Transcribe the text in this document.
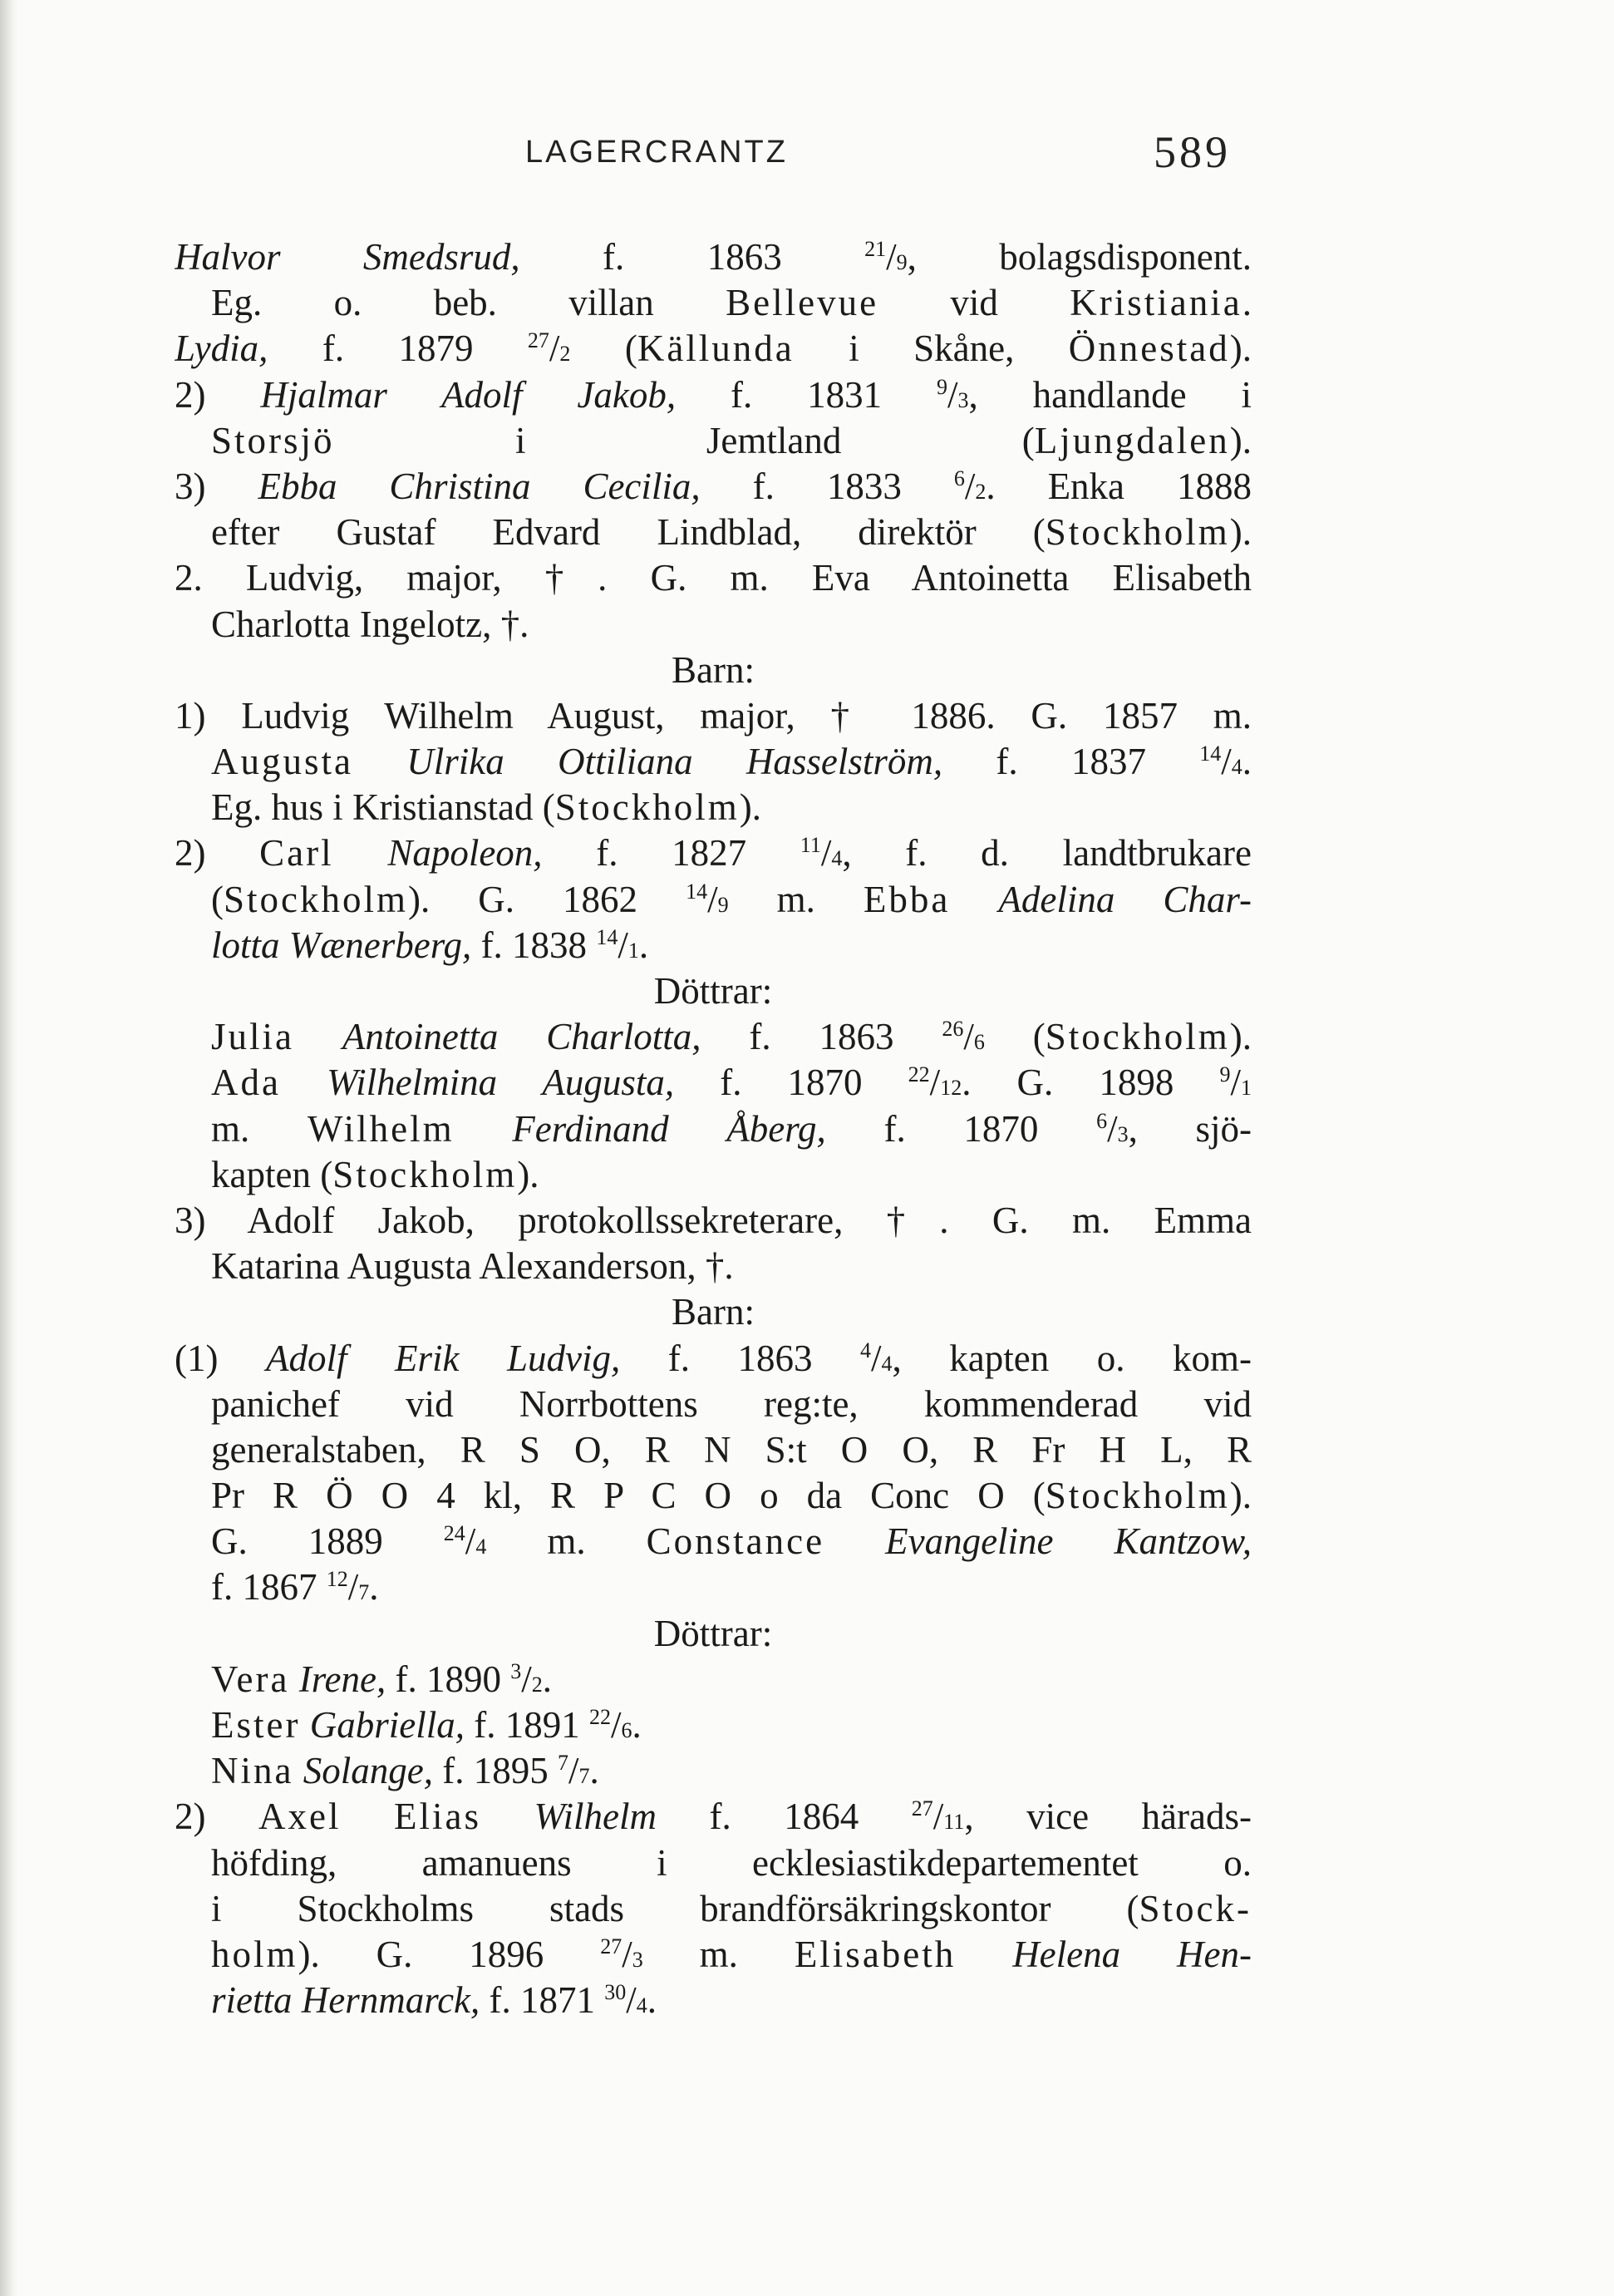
LAGERCRANTZ	589
Halvor Smedsrud, f. 1863 $^{21}$/9, bolagsdisponent.
Eg. o. beb. villan Bellevue vid Kristiania.
Lydia, f. 1879 $^{27}$/2 (Källunda i Skåne, Önnestad).
2) Hjalmar Adolf Jakob, f. 1831 $^9$/3, handlande i
Storsjö i Jemtland (Ljungdalen).
3) Ebba Christina Cecilia, f. 1833 $^6$/2. Enka 1888
efter Gustaf Edvard Lindblad, direktör (Stockholm).
2. Ludvig, major, †. G. m. Eva Antoinetta Elisabeth
Charlotta Ingelotz, †.
Barn:
1) Ludvig Wilhelm August, major, † 1886. G. 1857 m.
Augusta Ulrika Ottiliana Hasselström, f. 1837 $^{14}$/4.
Eg. hus i Kristianstad (Stockholm).
2) Carl Napoleon, f. 1827 $^{11}$/4, f. d. landtbrukare
(Stockholm). G. 1862 $^{14}$/9 m. Ebba Adelina Char-
lotta Wænerberg, f. 1838 $^{14}$/1.
Döttrar:
Julia Antoinetta Charlotta, f. 1863 $^{26}$/6 (Stockholm).
Ada Wilhelmina Augusta, f. 1870 $^{22}$/12. G. 1898 $^9$/1
m. Wilhelm Ferdinand Åberg, f. 1870 $^6$/3, sjö-
kapten (Stockholm).
3) Adolf Jakob, protokollssekreterare, †. G. m. Emma
Katarina Augusta Alexanderson, †.
Barn:
(1) Adolf Erik Ludvig, f. 1863 $^4$/4, kapten o. kom-
panichef vid Norrbottens reg:te, kommenderad vid
generalstaben, R S O, R N S:t O O, R Fr H L, R
Pr R Ö O 4 kl, R P C O o da Conc O (Stockholm).
G. 1889 $^{24}$/4 m. Constance Evangeline Kantzow,
f. 1867 $^{12}$/7.
Döttrar:
Vera Irene, f. 1890 $^3$/2.
Ester Gabriella, f. 1891 $^{22}$/6.
Nina Solange, f. 1895 $^7$/7.
2) Axel Elias Wilhelm f. 1864 $^{27}$/11, vice härads-
höfding, amanuens i ecklesiastikdepartementet o.
i Stockholms stads brandförsäkringskontor (Stock-
holm). G. 1896 $^{27}$/3 m. Elisabeth Helena Hen-
rietta Hernmarck, f. 1871 $^{30}$/4.
